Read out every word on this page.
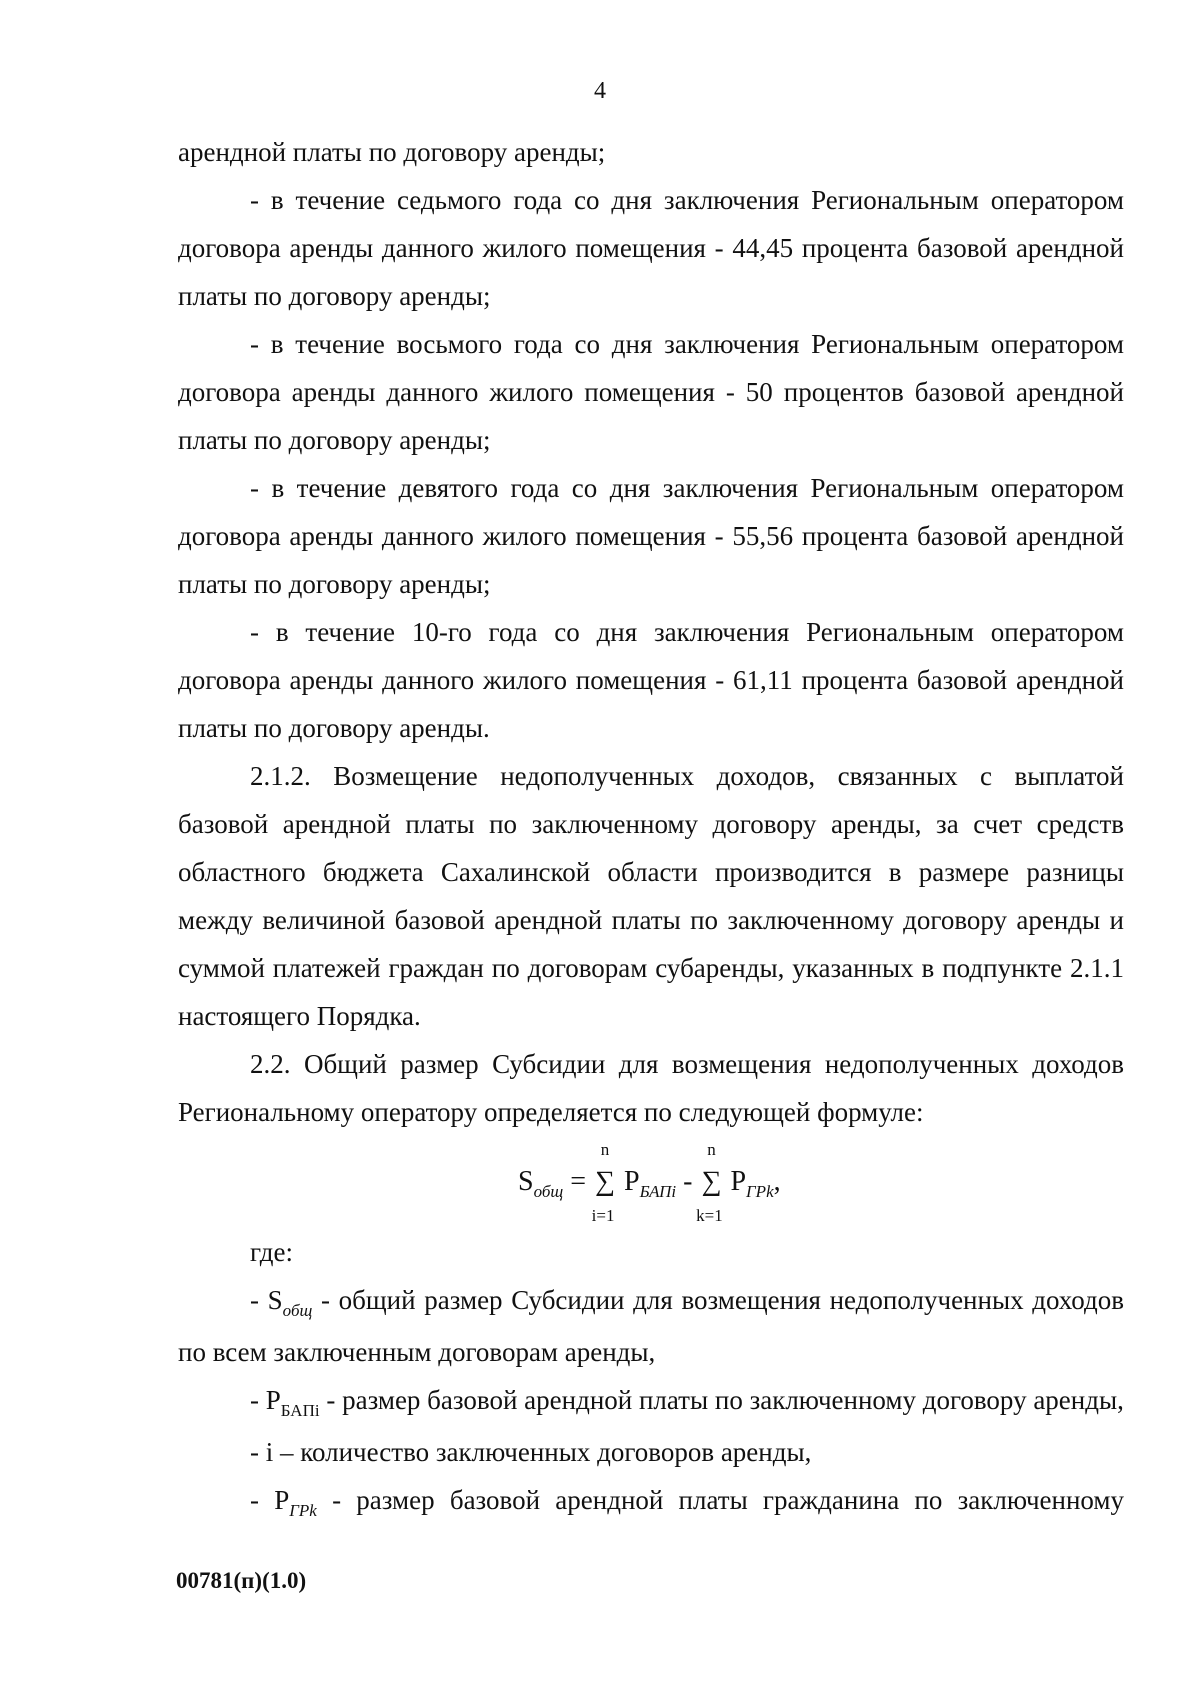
4

арендной платы по договору аренды;

- в течение седьмого года со дня заключения Региональным оператором договора аренды данного жилого помещения - 44,45 процента базовой арендной платы по договору аренды;

- в течение восьмого года со дня заключения Региональным оператором договора аренды данного жилого помещения - 50 процентов базовой арендной платы по договору аренды;

- в течение девятого года со дня заключения Региональным оператором договора аренды данного жилого помещения - 55,56 процента базовой арендной платы по договору аренды;

- в течение 10-го года со дня заключения Региональным оператором договора аренды данного жилого помещения - 61,11 процента базовой арендной платы по договору аренды.

2.1.2. Возмещение недополученных доходов, связанных с выплатой базовой арендной платы по заключенному договору аренды, за счет средств областного бюджета Сахалинской области производится в размере разницы между величиной базовой арендной платы по заключенному договору аренды и суммой платежей граждан по договорам субаренды, указанных в подпункте 2.1.1 настоящего Порядка.

2.2. Общий размер Субсидии для возмещения недополученных доходов Региональному оператору определяется по следующей формуле:

$S_{общ}$ =
n
∑
i=1
$P_{БАПi}$ -
n
∑
k=1
$P_{ГPk}$,

где:

- $S_{общ}$ - общий размер Субсидии для возмещения недополученных доходов по всем заключенным договорам аренды,

- $P_{БАПi}$ - размер базовой арендной платы по заключенному договору аренды,

- i – количество заключенных договоров аренды,

- $P_{ГPk}$ - размер базовой арендной платы гражданина по заключенному

00781(п)(1.0)
